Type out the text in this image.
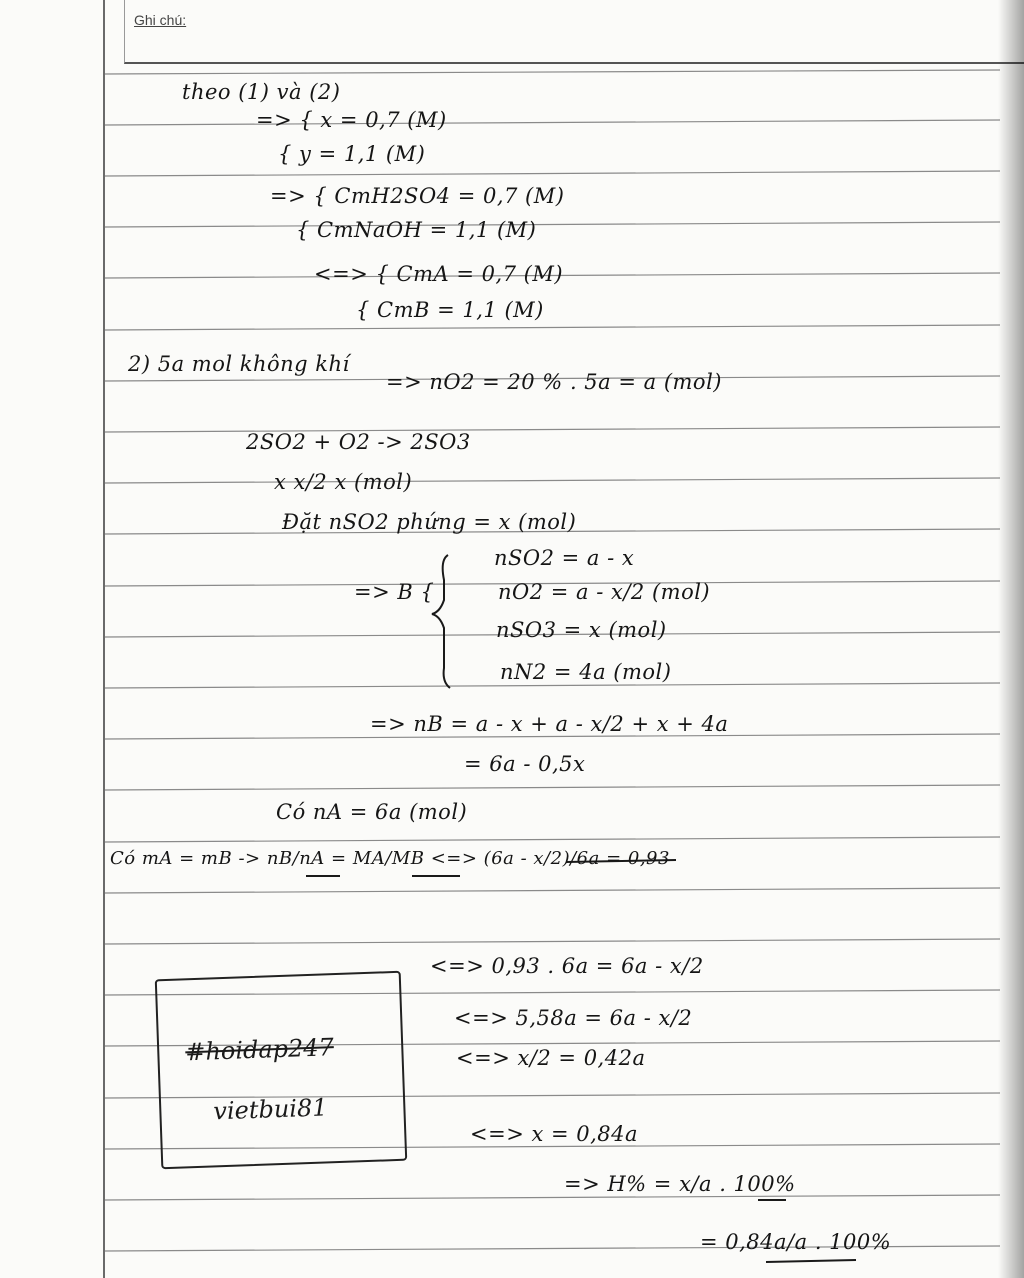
Ghi chú:
theo (1) và (2)
=> { x = 0,7 (M)
{ y = 1,1 (M)
=> { CmH2SO4 = 0,7 (M)
{ CmNaOH = 1,1 (M)
<=> { CmA = 0,7 (M)
{ CmB = 1,1 (M)
2) 5a mol không khí
=> nO2 = 20 % . 5a = a (mol)
2SO2 + O2 -> 2SO3
x x/2 x (mol)
Đặt nSO2 phứng = x (mol)
nSO2 = a - x
=> B {	nO2 = a - x/2 (mol)
nSO3 = x (mol)
nN2 = 4a (mol)
=> nB = a - x + a - x/2 + x + 4a
= 6a - 0,5x
Có nA = 6a (mol)
Có mA = mB -> nB/nA = MA/MB <=> (6a - x/2)/6a = 0,93
<=> 0,93 . 6a = 6a - x/2
<=> 5,58a = 6a - x/2
<=> x/2 = 0,42a
<=> x = 0,84a
=> H% = x/a . 100%
= 0,84a/a . 100%
#hoidap247
vietbui81
